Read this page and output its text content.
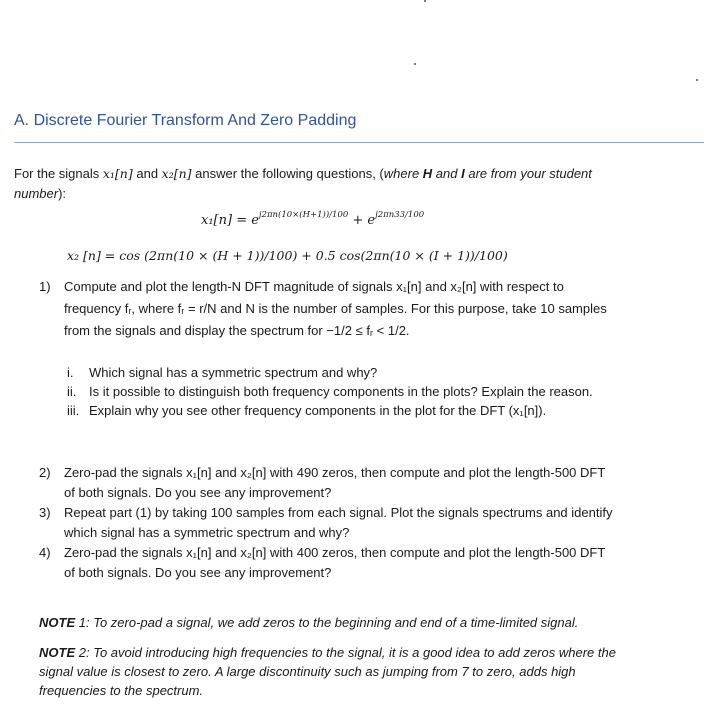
A. Discrete Fourier Transform And Zero Padding
For the signals x₁[n] and x₂[n] answer the following questions, (where H and I are from your student
number):
$x_1[n] = e^{j2\pi n(10\times(H+1))/100} + e^{j2\pi n33/100}$
x₂ [n] = cos (2πn(10 × (H + 1))/100) + 0.5 cos(2πn(10 × (I + 1))/100)
1) Compute and plot the length-N DFT magnitude of signals x₁[n] and x₂[n] with respect to
frequency fᵣ, where fᵣ = r/N and N is the number of samples. For this purpose, take 10 samples
from the signals and display the spectrum for −1/2 ≤ fᵣ < 1/2.
i. Which signal has a symmetric spectrum and why?
ii. Is it possible to distinguish both frequency components in the plots? Explain the reason.
iii. Explain why you see other frequency components in the plot for the DFT (x₁[n]).
2) Zero-pad the signals x₁[n] and x₂[n] with 490 zeros, then compute and plot the length-500 DFT
of both signals. Do you see any improvement?
3) Repeat part (1) by taking 100 samples from each signal. Plot the signals spectrums and identify
which signal has a symmetric spectrum and why?
4) Zero-pad the signals x₁[n] and x₂[n] with 400 zeros, then compute and plot the length-500 DFT
of both signals. Do you see any improvement?
NOTE 1: To zero-pad a signal, we add zeros to the beginning and end of a time-limited signal.
NOTE 2: To avoid introducing high frequencies to the signal, it is a good idea to add zeros where the
signal value is closest to zero. A large discontinuity such as jumping from 7 to zero, adds high
frequencies to the spectrum.
